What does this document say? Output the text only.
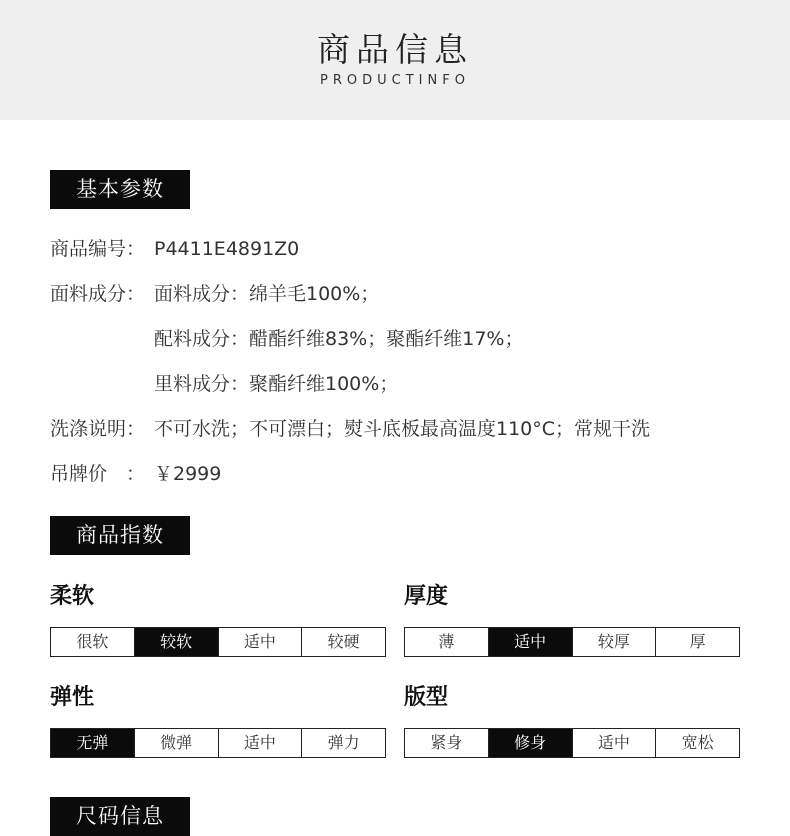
商品信息
PRODUCTINFO
基本参数
商品编号： P4411E4891Z0
面料成分： 面料成分：绵羊毛100%；
配料成分：醋酯纤维83%；聚酯纤维17%；
里料成分：聚酯纤维100%；
洗涤说明： 不可水洗；不可漂白；熨斗底板最高温度110°C；常规干洗
吊牌价　： ￥2999
商品指数
柔软
很软	较软	适中	较硬
厚度
薄	适中	较厚	厚
弹性
无弹	微弹	适中	弹力
版型
紧身	修身	适中	宽松
尺码信息
